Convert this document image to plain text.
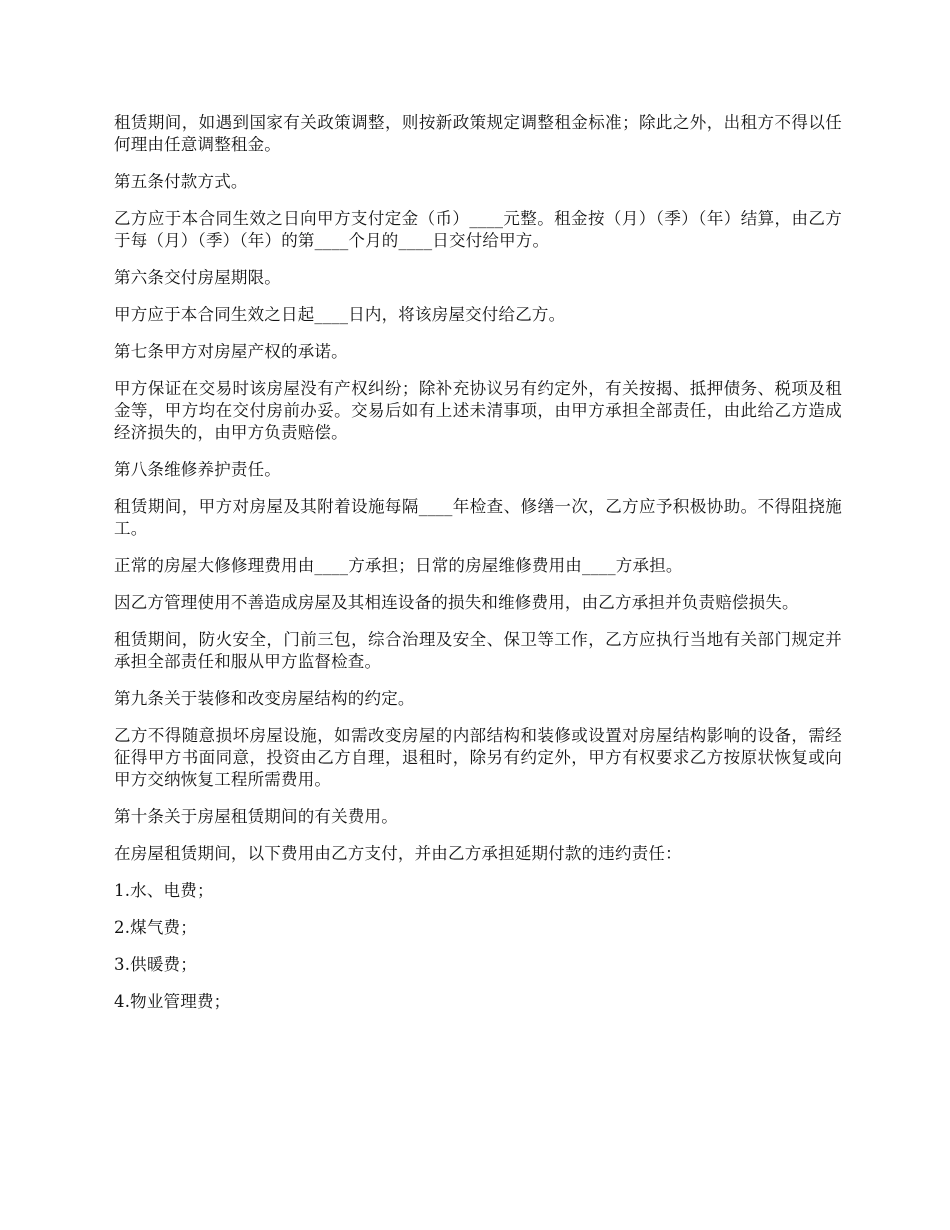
租赁期间，如遇到国家有关政策调整，则按新政策规定调整租金标准；除此之外，出租方不得以任何理由任意调整租金。

第五条付款方式。

乙方应于本合同生效之日向甲方支付定金（币）____元整。租金按（月）（季）（年）结算，由乙方于每（月）（季）（年）的第____个月的____日交付给甲方。

第六条交付房屋期限。

甲方应于本合同生效之日起____日内，将该房屋交付给乙方。

第七条甲方对房屋产权的承诺。

甲方保证在交易时该房屋没有产权纠纷；除补充协议另有约定外，有关按揭、抵押债务、税项及租金等，甲方均在交付房前办妥。交易后如有上述未清事项，由甲方承担全部责任，由此给乙方造成经济损失的，由甲方负责赔偿。

第八条维修养护责任。

租赁期间，甲方对房屋及其附着设施每隔____年检查、修缮一次，乙方应予积极协助。不得阻挠施工。

正常的房屋大修修理费用由____方承担；日常的房屋维修费用由____方承担。

因乙方管理使用不善造成房屋及其相连设备的损失和维修费用，由乙方承担并负责赔偿损失。

租赁期间，防火安全，门前三包，综合治理及安全、保卫等工作，乙方应执行当地有关部门规定并承担全部责任和服从甲方监督检查。

第九条关于装修和改变房屋结构的约定。

乙方不得随意损坏房屋设施，如需改变房屋的内部结构和装修或设置对房屋结构影响的设备，需经征得甲方书面同意，投资由乙方自理，退租时，除另有约定外，甲方有权要求乙方按原状恢复或向甲方交纳恢复工程所需费用。

第十条关于房屋租赁期间的有关费用。

在房屋租赁期间，以下费用由乙方支付，并由乙方承担延期付款的违约责任：

1.水、电费；

2.煤气费；

3.供暖费；

4.物业管理费；
